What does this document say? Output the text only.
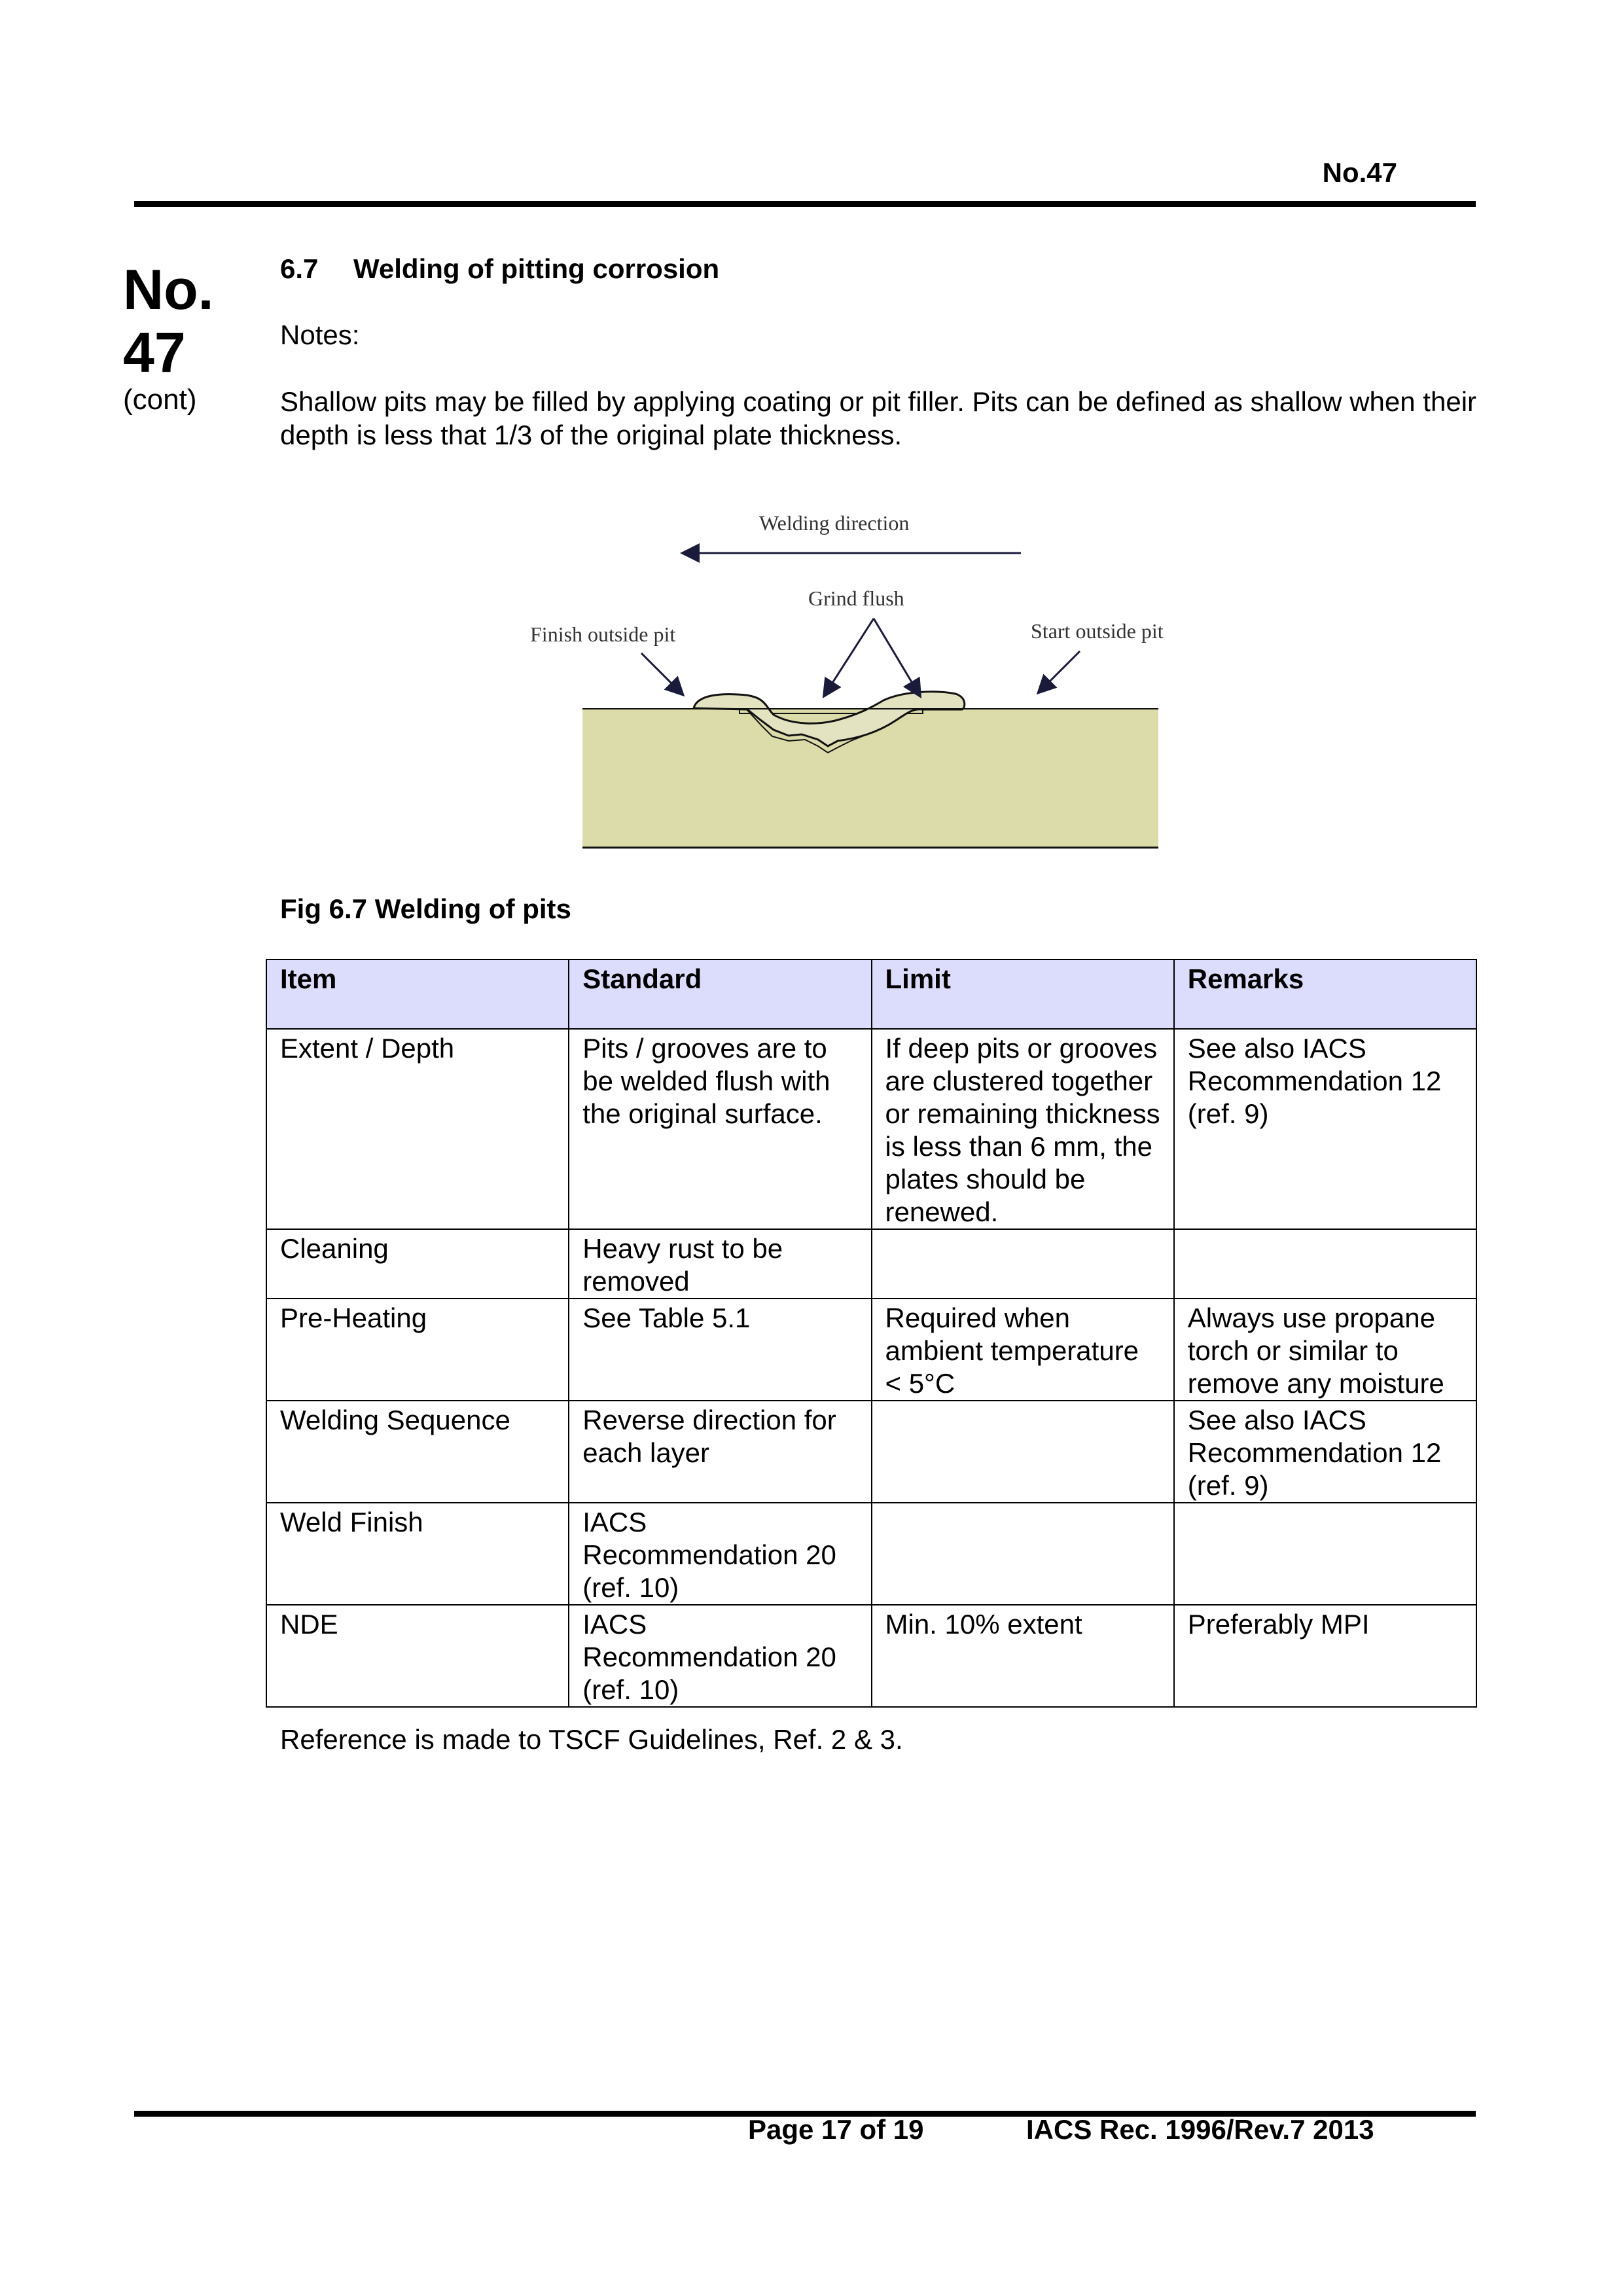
No.47
No.
47
(cont)
6.7 Welding of pitting corrosion
Notes:
Shallow pits may be filled by applying coating or pit filler. Pits can be defined as shallow when their depth is less that 1/3 of the original plate thickness.
Welding direction
Grind flush
Finish outside pit	Start outside pit
Fig 6.7 Welding of pits
Item	Standard	Limit	Remarks
Extent / Depth	Pits / grooves are to be welded flush with the original surface.	If deep pits or grooves are clustered together or remaining thickness is less than 6 mm, the plates should be renewed.	See also IACS Recommendation 12 (ref. 9)
Cleaning	Heavy rust to be removed		
Pre-Heating	See Table 5.1	Required when ambient temperature < 5°C	Always use propane torch or similar to remove any moisture
Welding Sequence	Reverse direction for each layer		See also IACS Recommendation 12 (ref. 9)
Weld Finish	IACS Recommendation 20 (ref. 10)		
NDE	IACS Recommendation 20 (ref. 10)	Min. 10% extent	Preferably MPI
Reference is made to TSCF Guidelines, Ref. 2 & 3.
Page 17 of 19	IACS Rec. 1996/Rev.7 2013
